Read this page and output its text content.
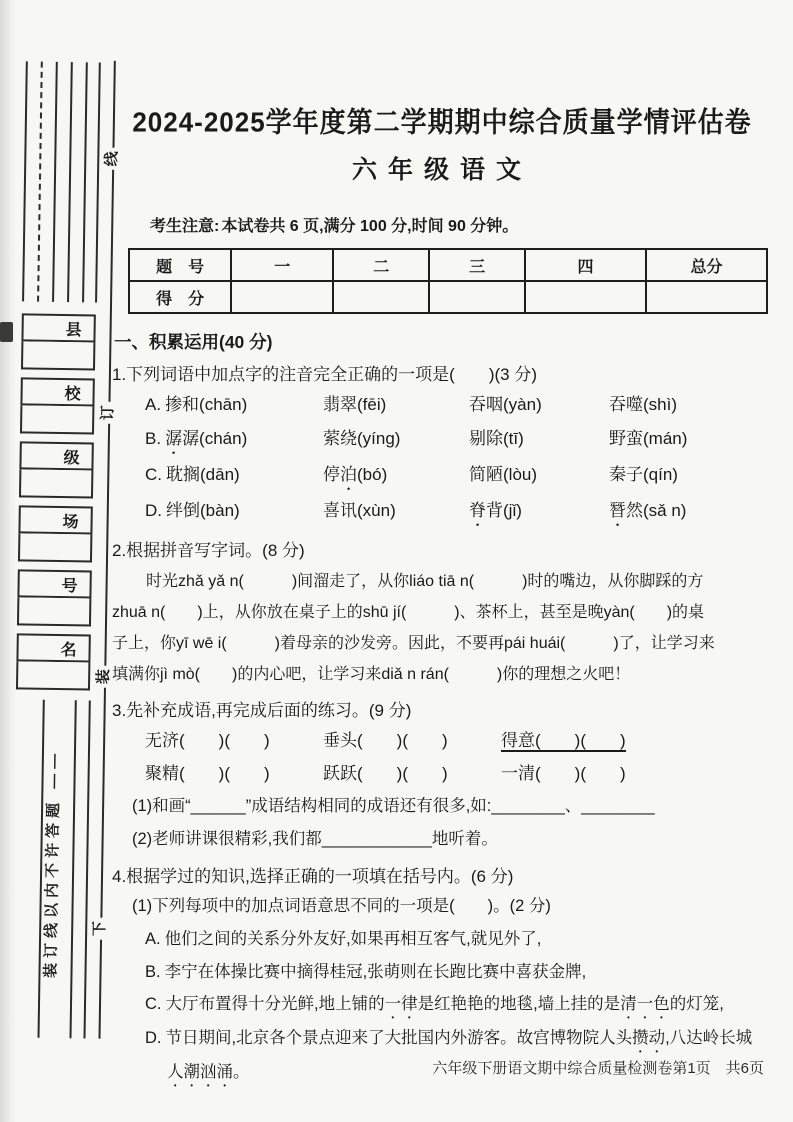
县
校
级
场
号
名
线
订
装
下
装订线以内不许答题 ——
2024-2025学年度第二学期期中综合质量学情评估卷
六年级语文
考生注意: 本试卷共 6 页,满分 100 分,时间 90 分钟。
题　号	一	二	三	四	总分
得　分					
一、积累运用(40 分)
1.下列词语中加点字的注音完全正确的一项是(　　)(3 分)
A. 掺和(chān)	翡翠(fēi)	吞咽(yàn)	吞噬(shì)
B. 潺潺(chán)	萦绕(yíng)	剔除(tī)	野蛮(mán)
C. 耽搁(dān)	停泊(bó)	简陋(lòu)	秦子(qín)
D. 绊倒(bàn)	喜讯(xùn)	脊背(jǐ)	朁然(sǎ n)
2.根据拼音写字词。(8 分)
时光zhǎ yǎ n(　　　)间溜走了，从你liáo tiā n(　　　)时的嘴边，从你脚踩的方
zhuā n(　　)上，从你放在桌子上的shū jí(　　　)、茶杯上，甚至是晚yàn(　　)的桌
子上，你yī wē i(　　　)着母亲的沙发旁。因此，不要再pái huái(　　　)了，让学习来
填满你jì mò(　　)的内心吧，让学习来diǎ n rán(　　　)你的理想之火吧！
3.先补充成语,再完成后面的练习。(9 分)
无济(　　)(　　)	垂头(　　)(　　)	得意(　　)(　　)
聚精(　　)(　　)	跃跃(　　)(　　)	一清(　　)(　　)
(1)和画“______”成语结构相同的成语还有很多,如:________、________
(2)老师讲课很精彩,我们都____________地听着。
4.根据学过的知识,选择正确的一项填在括号内。(6 分)
(1)下列每项中的加点词语意思不同的一项是(　　)。(2 分)
A. 他们之间的关系分外友好,如果再相互客气,就见外了,
B. 李宁在体操比赛中摘得桂冠,张萌则在长跑比赛中喜获金牌,
C. 大厅布置得十分光鲜,地上铺的一律是红艳艳的地毯,墙上挂的是清一色的灯笼,
D. 节日期间,北京各个景点迎来了大批国内外游客。故宫博物院人头攒动,八达岭长城
人潮汹涌。	六年级下册语文期中综合质量检测卷第1页　共6页
